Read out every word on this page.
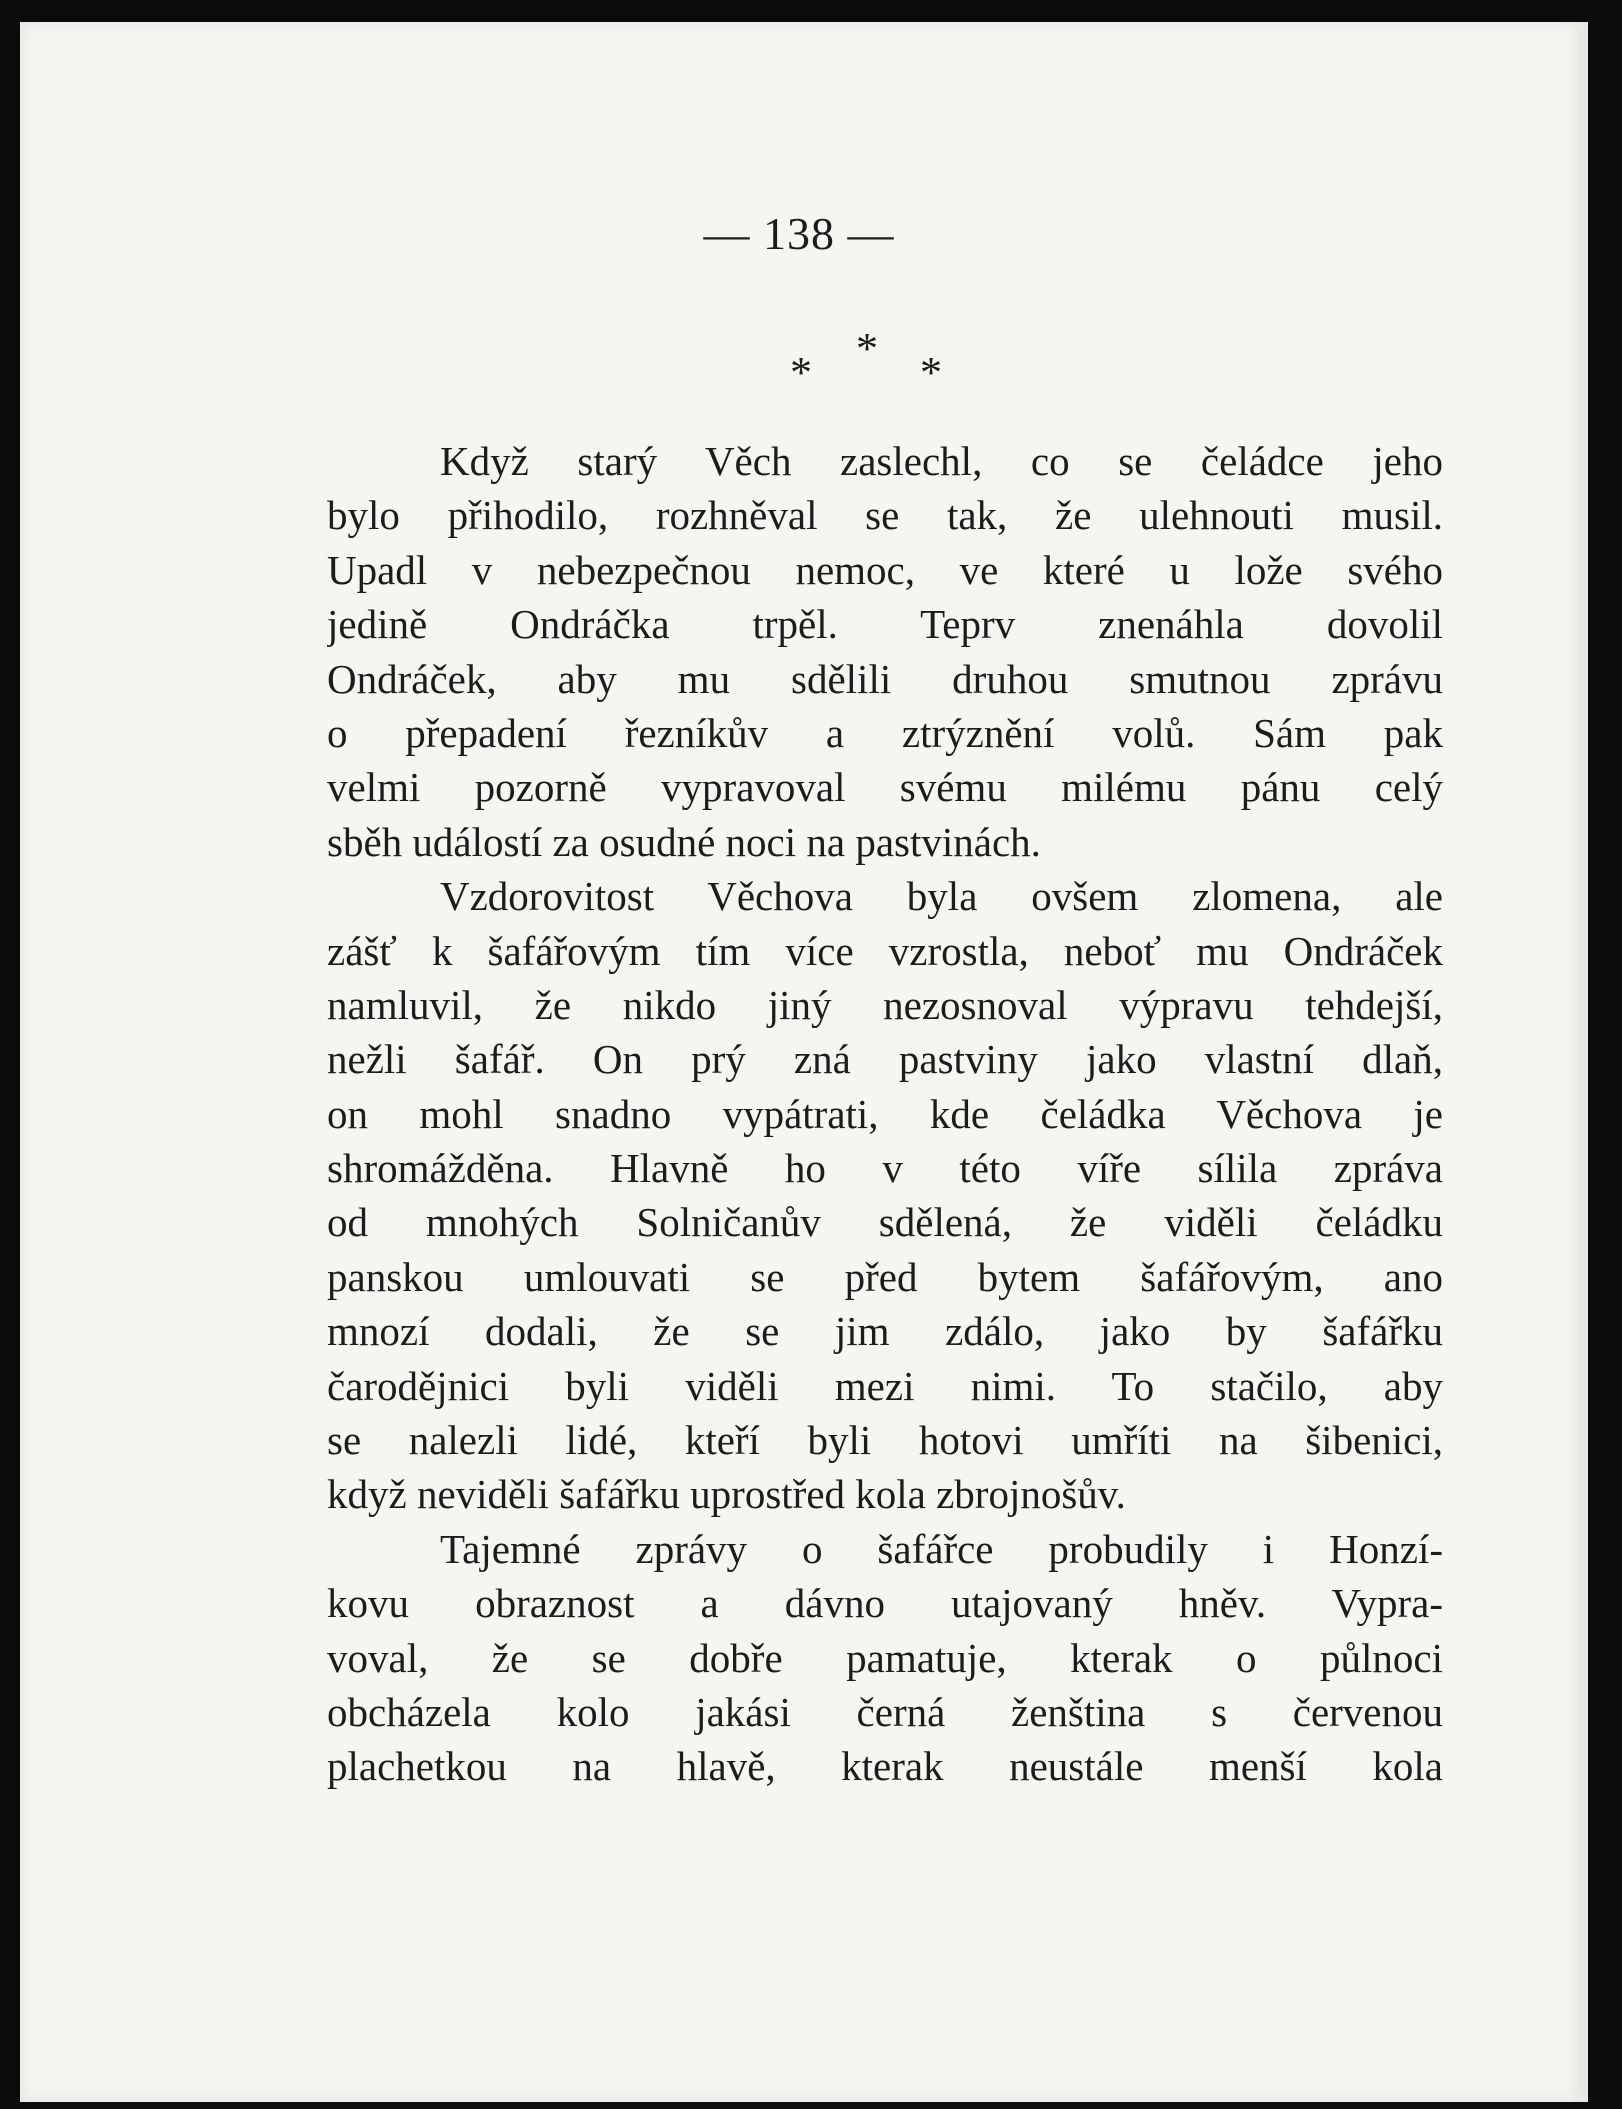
— 138 —

*
* *
Když starý Věch zaslechl, co se čeládce jeho
bylo přihodilo, rozhněval se tak, že ulehnouti musil.
Upadl v nebezpečnou nemoc, ve které u lože svého
jedině Ondráčka trpěl. Teprv znenáhla dovolil
Ondráček, aby mu sdělili druhou smutnou zprávu
o přepadení řezníkův a ztrýznění volů. Sám pak
velmi pozorně vypravoval svému milému pánu celý
sběh událostí za osudné noci na pastvinách.
Vzdorovitost Věchova byla ovšem zlomena, ale
zášť k šafářovým tím více vzrostla, neboť mu Ondráček
namluvil, že nikdo jiný nezosnoval výpravu tehdejší,
nežli šafář. On prý zná pastviny jako vlastní dlaň,
on mohl snadno vypátrati, kde čeládka Věchova je
shromážděna. Hlavně ho v této víře sílila zpráva
od mnohých Solničanův sdělená, že viděli čeládku
panskou umlouvati se před bytem šafářovým, ano
mnozí dodali, že se jim zdálo, jako by šafářku
čarodějnici byli viděli mezi nimi. To stačilo, aby
se nalezli lidé, kteří byli hotovi umříti na šibenici,
když neviděli šafářku uprostřed kola zbrojnošův.
Tajemné zprávy o šafářce probudily i Honzí-
kovu obraznost a dávno utajovaný hněv. Vypra-
voval, že se dobře pamatuje, kterak o půlnoci
obcházela kolo jakási černá ženština s červenou
plachetkou na hlavě, kterak neustále menší kola
